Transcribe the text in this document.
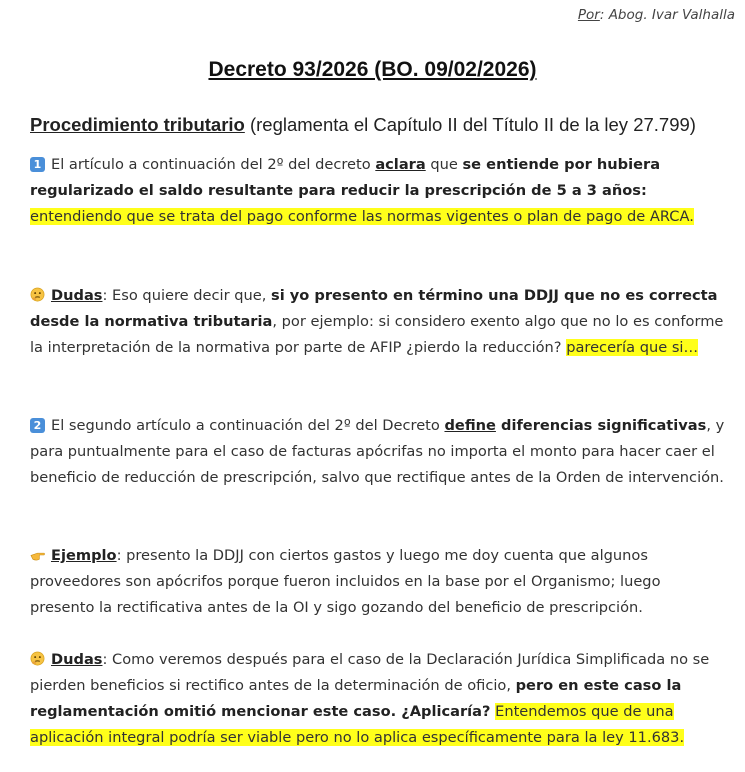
Por: Abog. Ivar Valhalla
Decreto 93/2026 (BO. 09/02/2026)
Procedimiento tributario (reglamenta el Capítulo II del Título II de la ley 27.799)
1 El artículo a continuación del 2º del decreto aclara que se entiende por hubiera regularizado el saldo resultante para reducir la prescripción de 5 a 3 años: entendiendo que se trata del pago conforme las normas vigentes o plan de pago de ARCA.
Dudas: Eso quiere decir que, si yo presento en término una DDJJ que no es correcta desde la normativa tributaria, por ejemplo: si considero exento algo que no lo es conforme la interpretación de la normativa por parte de AFIP ¿pierdo la reducción? parecería que si…
2 El segundo artículo a continuación del 2º del Decreto define diferencias significativas, y para puntualmente para el caso de facturas apócrifas no importa el monto para hacer caer el beneficio de reducción de prescripción, salvo que rectifique antes de la Orden de intervención.
Ejemplo: presento la DDJJ con ciertos gastos y luego me doy cuenta que algunos proveedores son apócrifos porque fueron incluidos en la base por el Organismo; luego presento la rectificativa antes de la OI y sigo gozando del beneficio de prescripción.
Dudas: Como veremos después para el caso de la Declaración Jurídica Simplificada no se pierden beneficios si rectifico antes de la determinación de oficio, pero en este caso la reglamentación omitió mencionar este caso. ¿Aplicaría? Entendemos que de una aplicación integral podría ser viable pero no lo aplica específicamente para la ley 11.683.
